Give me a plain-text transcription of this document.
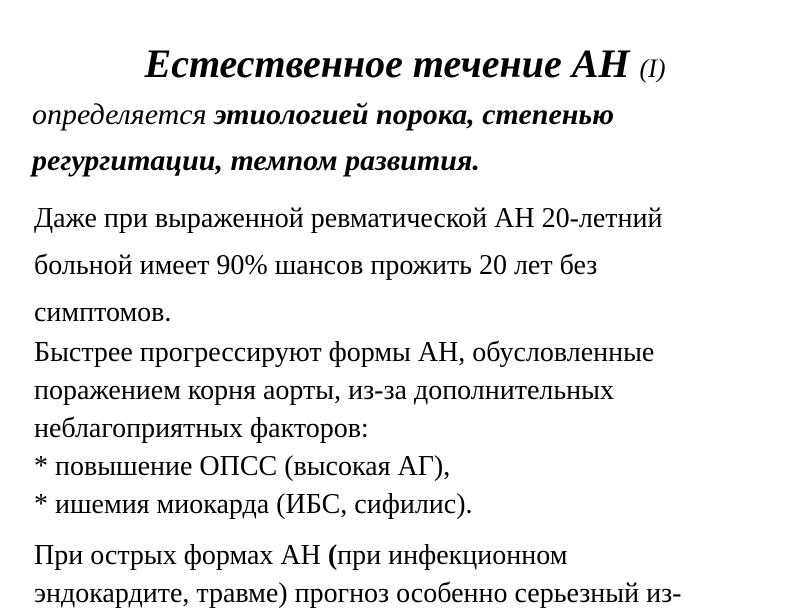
Естественное течение АН (I)
определяется этиологией порока, степенью
регургитации, темпом развития.
Даже при выраженной ревматической АН 20-летний
больной имеет 90% шансов прожить 20 лет без
симптомов.
Быстрее прогрессируют формы АН, обусловленные
поражением корня аорты, из-за дополнительных
неблагоприятных факторов:
* повышение ОПСС (высокая АГ),
* ишемия миокарда (ИБС, сифилис).
При острых формах АН (при инфекционном
эндокардите, травме) прогноз особенно серьезный из-
